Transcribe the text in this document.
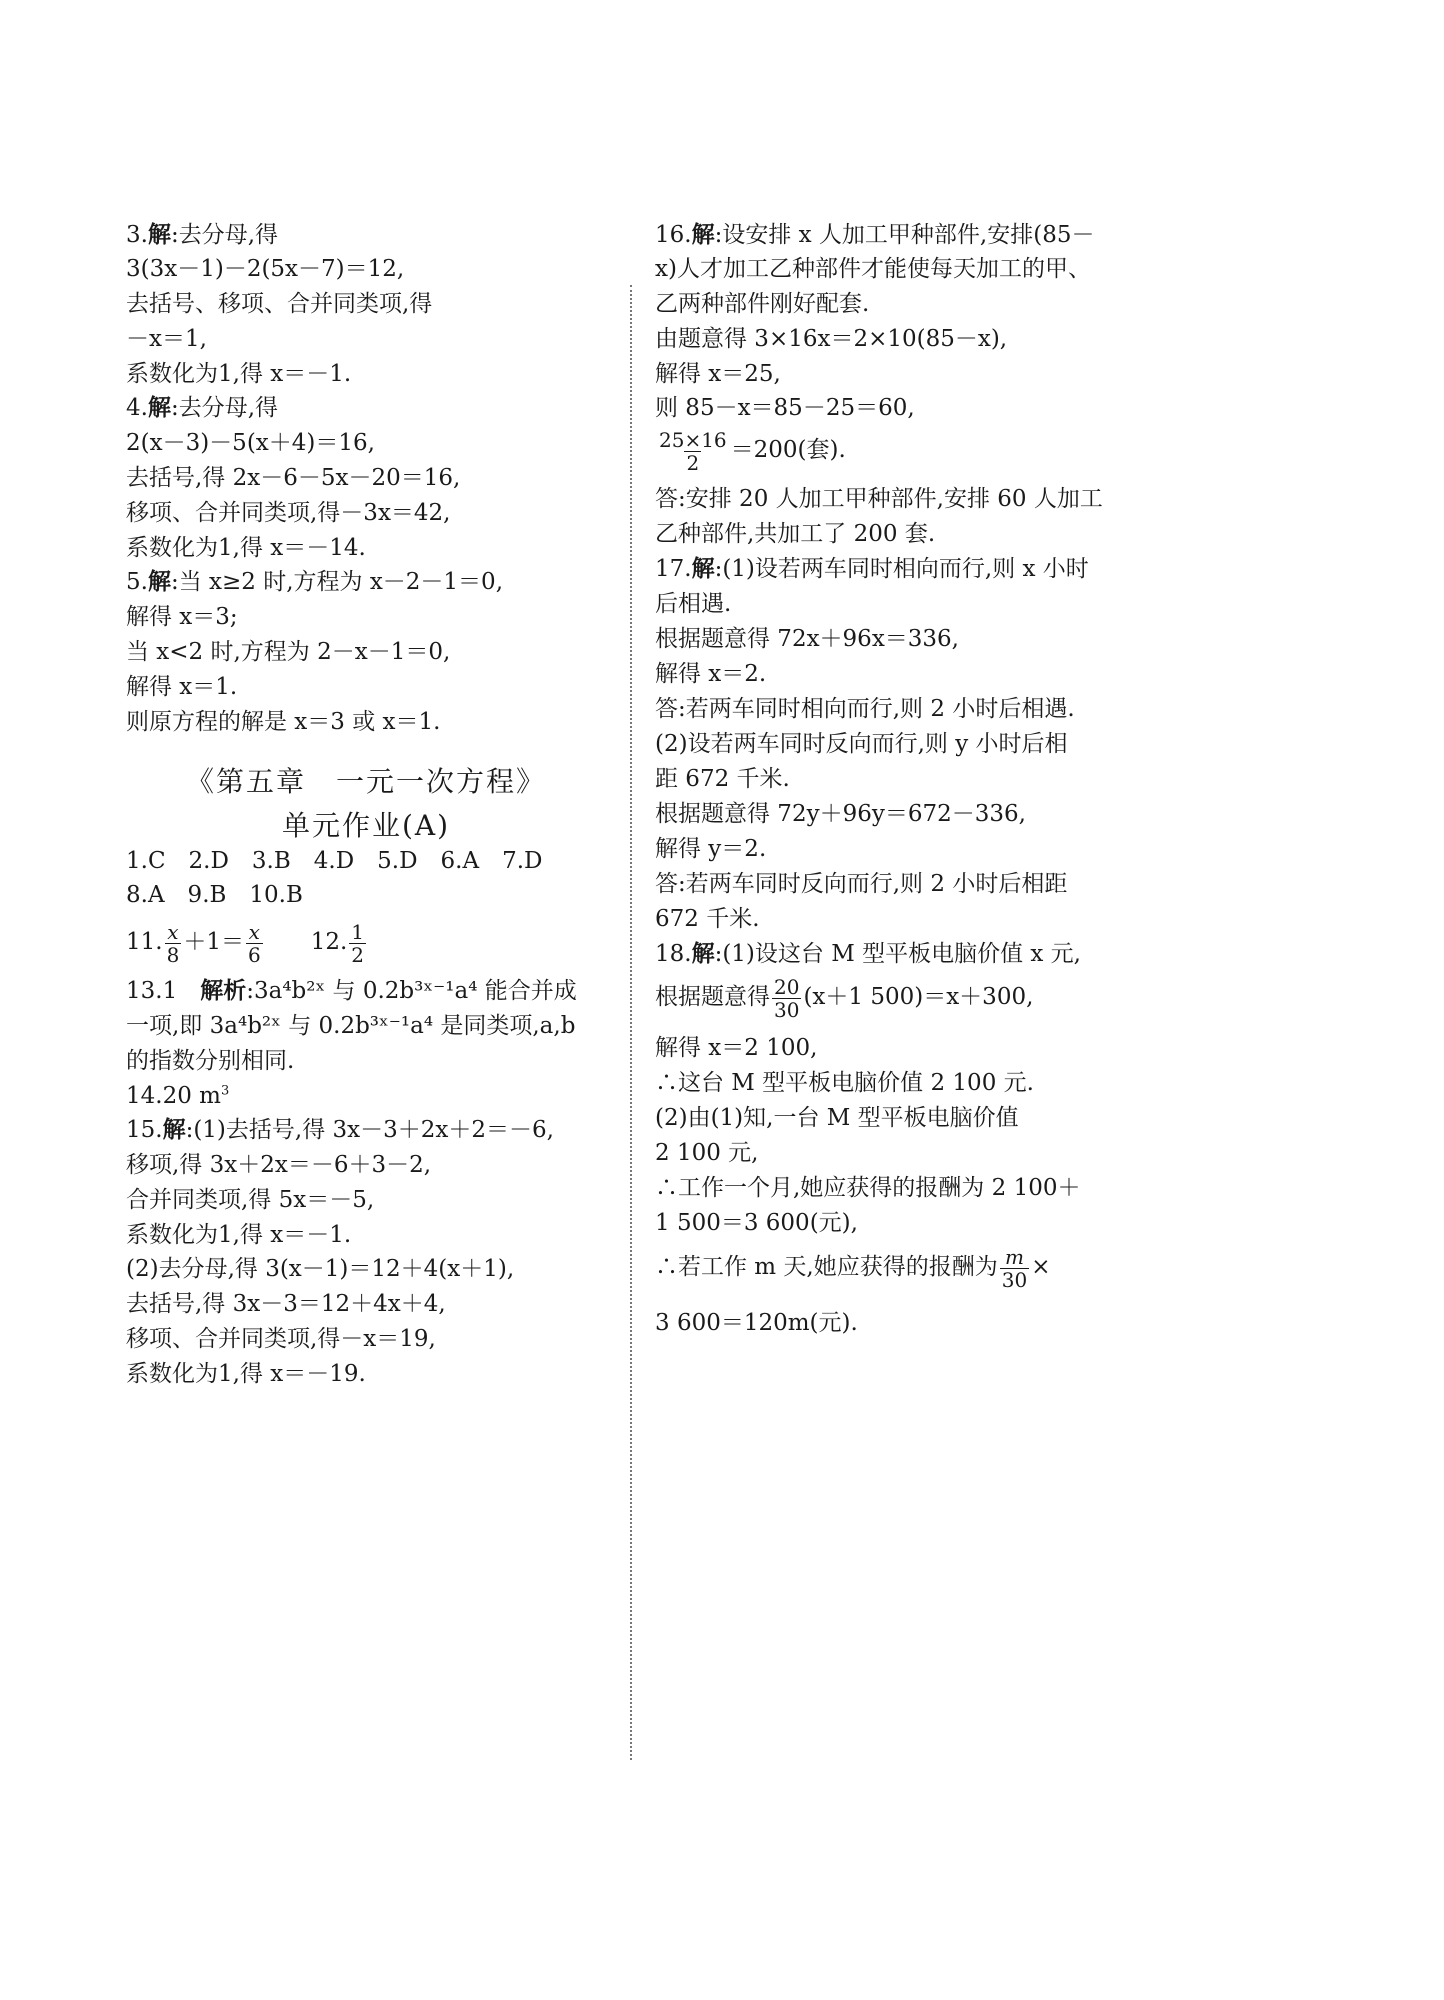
3.解:去分母,得
3(3x－1)－2(5x－7)＝12,
去括号、移项、合并同类项,得
－x＝1,
系数化为1,得 x＝－1.
4.解:去分母,得
2(x－3)－5(x＋4)＝16,
去括号,得 2x－6－5x－20＝16,
移项、合并同类项,得－3x＝42,
系数化为1,得 x＝－14.
5.解:当 x≥2 时,方程为 x－2－1＝0,
解得 x＝3;
当 x<2 时,方程为 2－x－1＝0,
解得 x＝1.
则原方程的解是 x＝3 或 x＝1.
《第五章　一元一次方程》
单元作业(A)
1.C　2.D　3.B　4.D　5.D　6.A　7.D
8.A　9.B　10.B
11. $\frac{x}{8} +1= \frac{x}{6}$
　　 12. $\frac{1}{2}$
13.1　 解析:3a⁴b²ˣ 与 0.2b³ˣ⁻¹a⁴ 能合并成
一项,即 3a⁴b²ˣ 与 0.2b³ˣ⁻¹a⁴ 是同类项,a,b
的指数分别相同.
14.20 $m^3$
15.解:(1)去括号,得 3x－3＋2x＋2＝－6,
移项,得 3x＋2x＝－6＋3－2,
合并同类项,得 5x＝－5,
系数化为1,得 x＝－1.
(2)去分母,得 3(x－1)＝12＋4(x＋1),
去括号,得 3x－3＝12＋4x＋4,
移项、合并同类项,得－x＝19,
系数化为1,得 x＝－19.
16.解:设安排 x 人加工甲种部件,安排(85－
x)人才加工乙种部件才能使每天加工的甲、
乙两种部件刚好配套.
由题意得 3×16x＝2×10(85－x),
解得 x＝25,
则 85－x＝85－25＝60,
$\frac{25\times 16}{2} =200$(套).
答:安排 20 人加工甲种部件,安排 60 人加工
乙种部件,共加工了 200 套.
17.解:(1)设若两车同时相向而行,则 x 小时
后相遇.
根据题意得 72x＋96x＝336,
解得 x＝2.
答:若两车同时相向而行,则 2 小时后相遇.
(2)设若两车同时反向而行,则 y 小时后相
距 672 千米.
根据题意得 72y＋96y＝672－336,
解得 y＝2.
答:若两车同时反向而行,则 2 小时后相距
672 千米.
18.解:(1)设这台 M 型平板电脑价值 x 元,
根据题意得 $\frac{20}{30} (x+1$ 500)＝x＋300,
解得 x＝2 100,
∴这台 M 型平板电脑价值 2 100 元.
(2)由(1)知,一台 M 型平板电脑价值
2 100 元,
∴工作一个月,她应获得的报酬为 2 100＋
1 500＝3 600(元),
∴若工作 m 天,她应获得的报酬为 $\frac{m}{30}$ ×
3 600＝120m(元).
